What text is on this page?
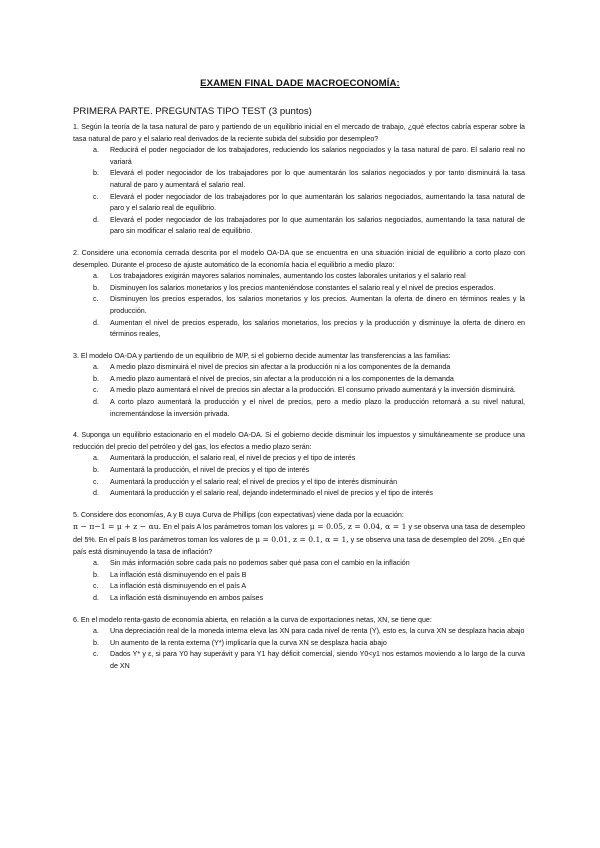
EXAMEN FINAL DADE MACROECONOMÍA:
PRIMERA PARTE. PREGUNTAS TIPO TEST (3 puntos)

1. Según la teoría de la tasa natural de paro y partiendo de un equilibrio inicial en el mercado de trabajo, ¿qué efectos cabría esperar sobre la tasa natural de paro y el salario real derivados de la reciente subida del subsidio por desempleo?

a. Reducirá el poder negociador de los trabajadores, reduciendo los salarios negociados y la tasa natural de paro. El salario real no variará
b. Elevará el poder negociador de los trabajadores por lo que aumentarán los salarios negociados y por tanto disminuirá la tasa natural de paro y aumentará el salario real.
c. Elevará el poder negociador de los trabajadores por lo que aumentarán los salarios negociados, aumentando la tasa natural de paro y el salario real de equilibrio.
d. Elevará el poder negociador de los trabajadores por lo que aumentarán los salarios negociados, aumentando la tasa natural de paro sin modificar el salario real de equilibrio.

2. Considere una economía cerrada descrita por el modelo OA-DA que se encuentra en una situación inicial de equilibrio a corto plazo con desempleo. Durante el proceso de ajuste automático de la economía hacia el equilibrio a medio plazo:

a. Los trabajadores exigirán mayores salarios nominales, aumentando los costes laborales unitarios y el salario real
b. Disminuyen los salarios monetarios y los precios manteniéndose constantes el salario real y el nivel de precios esperados.
c. Disminuyen los precios esperados, los salarios monetarios y los precios. Aumentan la oferta de dinero en términos reales y la producción.
d. Aumentan el nivel de precios esperado, los salarios monetarios, los precios y la producción y disminuye la oferta de dinero en términos reales,

3. El modelo OA-DA y partiendo de un equilibrio de M/P, si el gobierno decide aumentar las transferencias a las familias:

a. A medio plazo disminuirá el nivel de precios sin afectar a la producción ni a los componentes de la demanda
b. A medio plazo aumentará el nivel de precios, sin afectar a la producción ni a los componentes de la demanda
c. A medio plazo aumentará el nivel de precios sin afectar a la producción. El consumo privado aumentará y la inversión disminuirá.
d. A corto plazo aumentará la producción y el nivel de precios, pero a medio plazo la producción retornará a su nivel natural, incrementándose la inversión privada.

4. Suponga un equilibrio estacionario en el modelo OA-DA. Si el gobierno decide disminuir los impuestos y simultáneamente se produce una reducción del precio del petróleo y del gas, los efectos a medio plazo serán:

a. Aumentará la producción, el salario real, el nivel de precios y el tipo de interés
b. Aumentará la producción, el nivel de precios y el tipo de interés
c. Aumentará la producción y el salario real; el nivel de precios y el tipo de interés disminuirán
d. Aumentará la producción y el salario real, dejando indeterminado el nivel de precios y el tipo de interés

5. Considere dos economías, A y B cuya Curva de Phillips (con expectativas) viene dada por la ecuación:
π − π−1 = μ + z − αu. En el país A los parámetros toman los valores μ = 0.05, z = 0.04, α = 1 y se observa una tasa de desempleo del 5%. En el país B los parámetros toman los valores de μ = 0.01, z = 0.1, α = 1, y se observa una tasa de desempleo del 20%. ¿En qué país está disminuyendo la tasa de inflación?

a. Sin más información sobre cada país no podemos saber qué pasa con el cambio en la inflación
b. La inflación está disminuyendo en el país B
c. La inflación está disminuyendo en el país A
d. La inflación está disminuyendo en ambos países

6. En el modelo renta-gasto de economía abierta, en relación a la curva de exportaciones netas, XN, se tiene que:

a. Una depreciación real de la moneda interna eleva las XN para cada nivel de renta (Y), esto es, la curva XN se desplaza hacia abajo
b. Un aumento de la renta externa (Y*) implicaría que la curva XN se desplaza hacia abajo
c. Dados Y* y ε, si para Y0 hay superávit y para Y1 hay déficit comercial, siendo Y0<y1 nos estamos moviendo a lo largo de la curva de XN
